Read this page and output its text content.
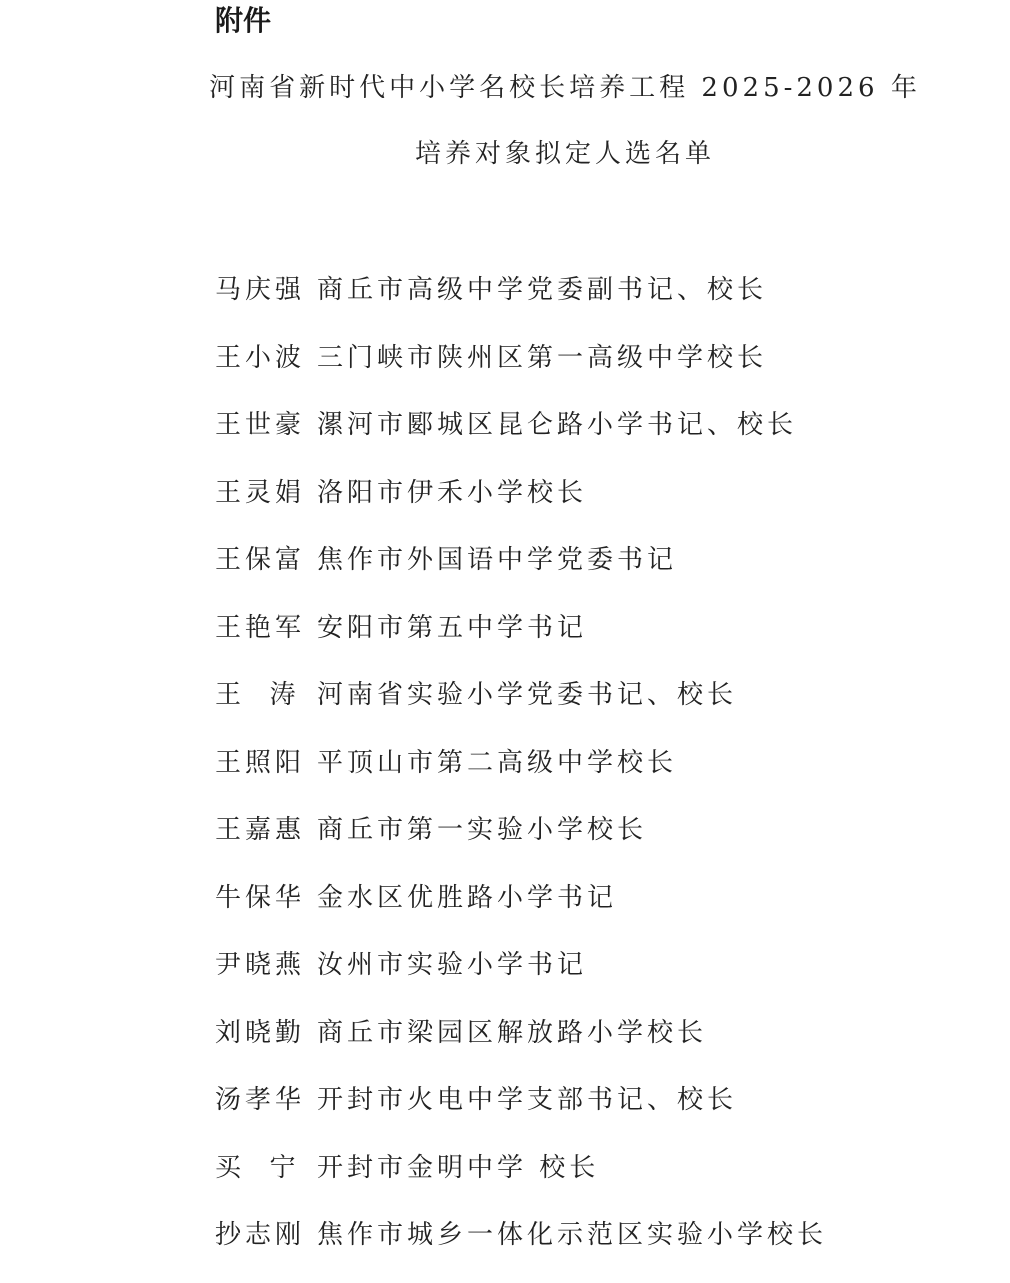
附件
河南省新时代中小学名校长培养工程 2025-2026 年
培养对象拟定人选名单
马庆强 商丘市高级中学党委副书记、校长
王小波 三门峡市陕州区第一高级中学校长
王世豪 漯河市郾城区昆仑路小学书记、校长
王灵娟 洛阳市伊禾小学校长
王保富 焦作市外国语中学党委书记
王艳军 安阳市第五中学书记
王  涛 河南省实验小学党委书记、校长
王照阳 平顶山市第二高级中学校长
王嘉惠 商丘市第一实验小学校长
牛保华 金水区优胜路小学书记
尹晓燕 汝州市实验小学书记
刘晓勤 商丘市梁园区解放路小学校长
汤孝华 开封市火电中学支部书记、校长
买  宁 开封市金明中学 校长
抄志刚 焦作市城乡一体化示范区实验小学校长
